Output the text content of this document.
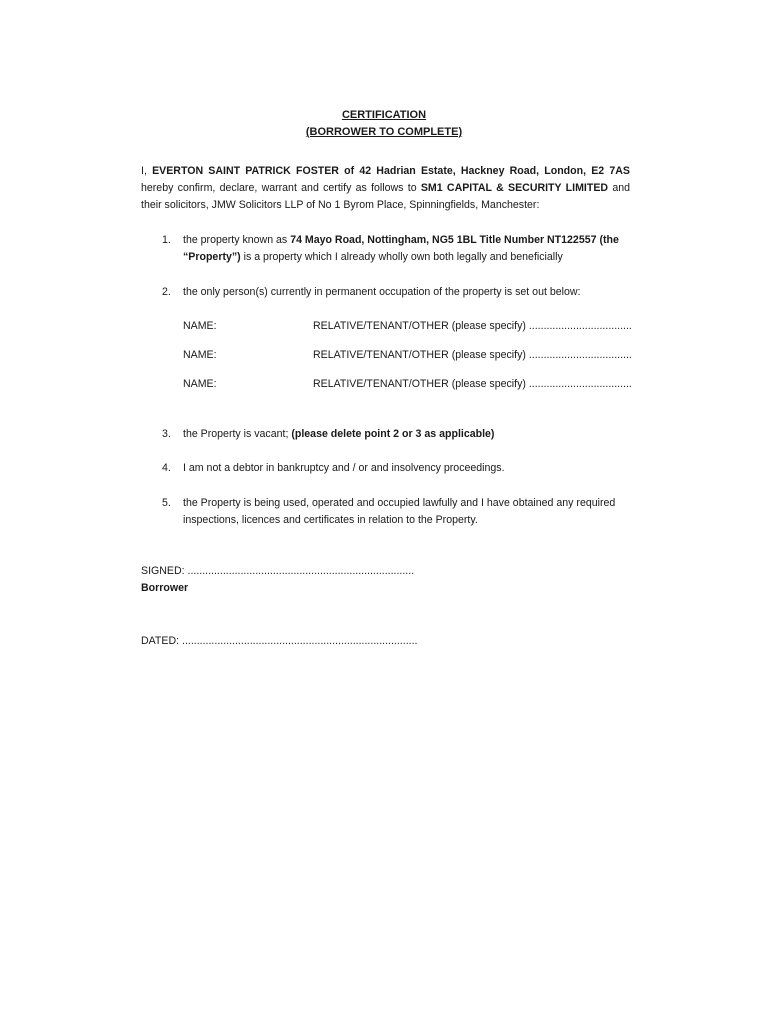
CERTIFICATION
(BORROWER TO COMPLETE)
I, EVERTON SAINT PATRICK FOSTER of 42 Hadrian Estate, Hackney Road, London, E2 7AS hereby confirm, declare, warrant and certify as follows to SM1 CAPITAL & SECURITY LIMITED and their solicitors, JMW Solicitors LLP of No 1 Byrom Place, Spinningfields, Manchester:
1. the property known as 74 Mayo Road, Nottingham, NG5 1BL Title Number NT122557 (the “Property”) is a property which I already wholly own both legally and beneficially
2. the only person(s) currently in permanent occupation of the property is set out below:
NAME:	RELATIVE/TENANT/OTHER (please specify) ...................................
NAME:	RELATIVE/TENANT/OTHER (please specify) ...................................
NAME:	RELATIVE/TENANT/OTHER (please specify) ...................................
3. the Property is vacant; (please delete point 2 or 3 as applicable)
4. I am not a debtor in bankruptcy and / or and insolvency proceedings.
5. the Property is being used, operated and occupied lawfully and I have obtained any required inspections, licences and certificates in relation to the Property.
SIGNED: .............................................................................
Borrower
DATED: ................................................................................
